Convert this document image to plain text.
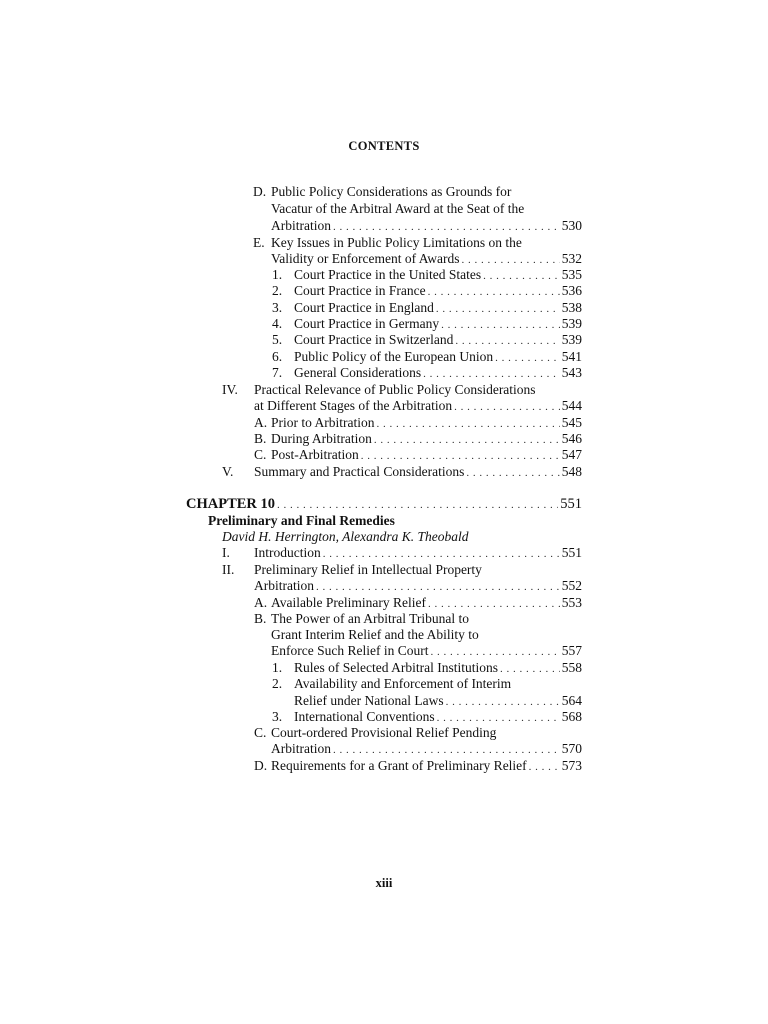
CONTENTS
D. Public Policy Considerations as Grounds for
Vacatur of the Arbitral Award at the Seat of the
Arbitration . . .	530
E. Key Issues in Public Policy Limitations on the
Validity or Enforcement of Awards . . .	532
1. Court Practice in the United States . . .	535
2. Court Practice in France . . .	536
3. Court Practice in England . . .	538
4. Court Practice in Germany . . .	539
5. Court Practice in Switzerland . . .	539
6. Public Policy of the European Union . . .	541
7. General Considerations . . .	543
IV. Practical Relevance of Public Policy Considerations
at Different Stages of the Arbitration . . .	544
A. Prior to Arbitration . . .	545
B. During Arbitration . . .	546
C. Post-Arbitration . . .	547
V. Summary and Practical Considerations . . .	548
CHAPTER 10 . . .	551
Preliminary and Final Remedies
David H. Herrington, Alexandra K. Theobald
I. Introduction . . .	551
II. Preliminary Relief in Intellectual Property
Arbitration . . .	552
A. Available Preliminary Relief . . .	553
B. The Power of an Arbitral Tribunal to
Grant Interim Relief and the Ability to
Enforce Such Relief in Court . . .	557
1. Rules of Selected Arbitral Institutions . . .	558
2. Availability and Enforcement of Interim
Relief under National Laws . . .	564
3. International Conventions . . .	568
C. Court-ordered Provisional Relief Pending
Arbitration . . .	570
D. Requirements for a Grant of Preliminary Relief . . .	573
xiii
